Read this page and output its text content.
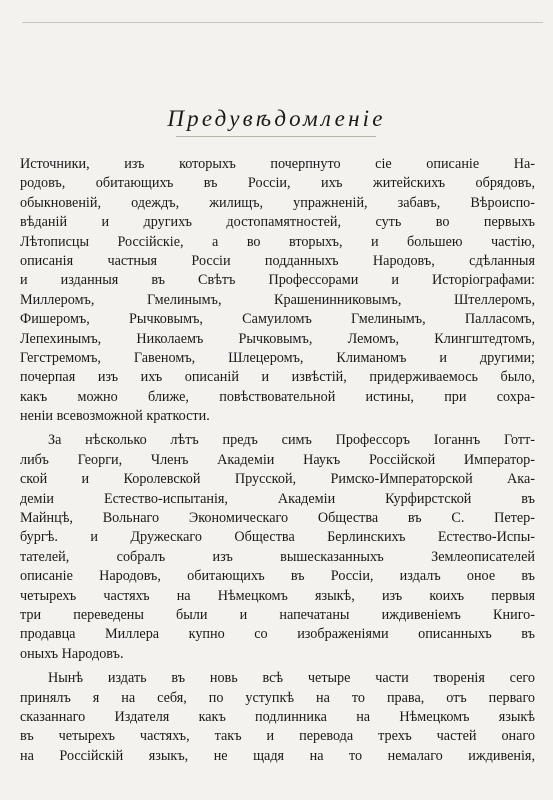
Предувѣдомленіе
Источники, изъ которыхъ почерпнуто сіе описаніе На-
родовъ, обитающихъ въ Россіи, ихъ житейскихъ обрядовъ,
обыкновеній, одеждъ, жилищъ, упражненій, забавъ, Вѣроиспо-
вѣданій и другихъ достопамятностей, суть во первыхъ
Лѣтописцы Россійскіе, а во вторыхъ, и большею частію,
описанія частныя Россіи подданныхъ Народовъ, сдѣланныя
и изданныя въ Свѣтъ Профессорами и Исторіографами:
Миллеромъ, Гмелинымъ, Крашенинниковымъ, Штеллеромъ,
Фишеромъ, Рычковымъ, Самуиломъ Гмелинымъ, Палласомъ,
Лепехинымъ, Николаемъ Рычковымъ, Лемомъ, Клингштедтомъ,
Гегстремомъ, Гавеномъ, Шлецеромъ, Климаномъ и другими;
почерпая изъ ихъ описаній и извѣстій, придерживаемось было,
какъ можно ближе, повѣствовательной истины, при сохра-
неніи всевозможной краткости.
За нѣсколько лѣтъ предъ симъ Профессоръ Іоганнъ Готт-
либъ Георги, Членъ Академіи Наукъ Россійской Император-
ской и Королевской Прусской, Римско-Императорской Ака-
деміи Естество-испытанія, Академіи Курфирстской въ
Майнцѣ, Вольнаго Экономическаго Общества въ С. Петер-
бургѣ. и Дружескаго Общества Берлинскихъ Естество-Испы-
тателей, собралъ изъ вышесказанныхъ Землеописателей
описаніе Народовъ, обитающихъ въ Россіи, издалъ оное въ
четырехъ частяхъ на Нѣмецкомъ языкѣ, изъ коихъ первыя
три переведены были и напечатаны иждивеніемъ Книго-
продавца Миллера купно со изображеніями описанныхъ въ
оныхъ Народовъ.
Нынѣ издать въ новь всѣ четыре части творенія сего
принялъ я на себя, по уступкѣ на то права, отъ перваго
сказаннаго Издателя какъ подлинника на Нѣмецкомъ языкѣ
въ четырехъ частяхъ, такъ и перевода трехъ частей онаго
на Россійскій языкъ, не щадя на то немалаго иждивенія,
